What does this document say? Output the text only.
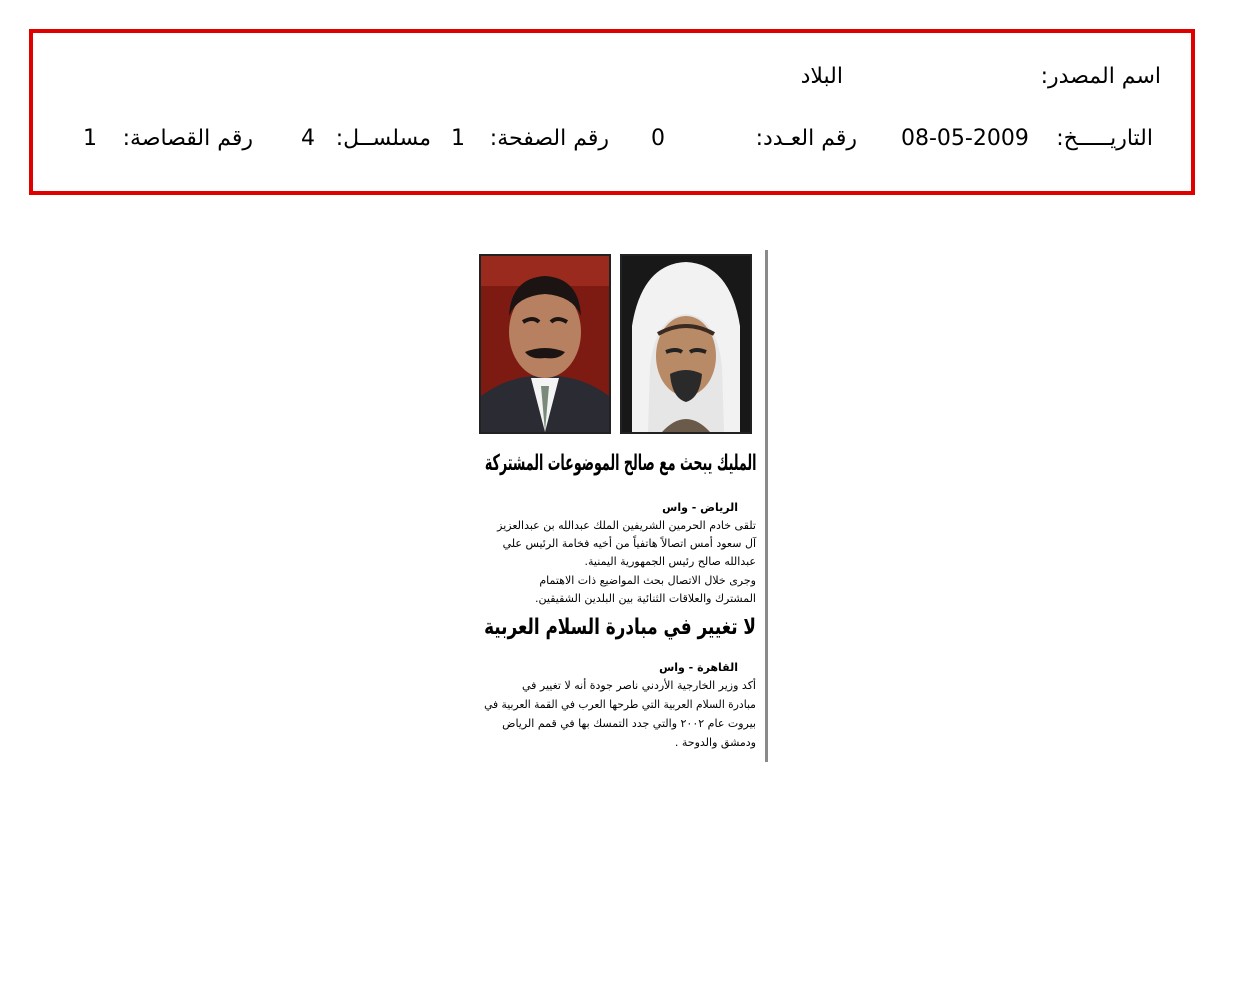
اسم المصدر:
البلاد
التاريـــــخ:
08-05-2009
رقم العـدد:
0
رقم الصفحة:
1
مسلســل:
4
رقم القصاصة:
1
المليك يبحث مع صالح الموضوعات المشتركة
الرياض - واس
تلقى خادم الحرمين الشريفين الملك عبدالله بن عبدالعزيز
آل سعود أمس اتصالاً هاتفياً من أخيه فخامة الرئيس علي
عبدالله صالح رئيس الجمهورية اليمنية.
وجرى خلال الاتصال بحث المواضيع ذات الاهتمام
المشترك والعلاقات الثنائية بين البلدين الشقيقين.
لا تغيير في مبادرة السلام العربية
القاهرة - واس
أكد وزير الخارجية الأردني ناصر جودة أنه لا تغيير في
مبادرة السلام العربية التي طرحها العرب في القمة العربية في
بيروت عام ٢٠٠٢ والتي جدد التمسك بها في قمم الرياض
ودمشق والدوحة .
